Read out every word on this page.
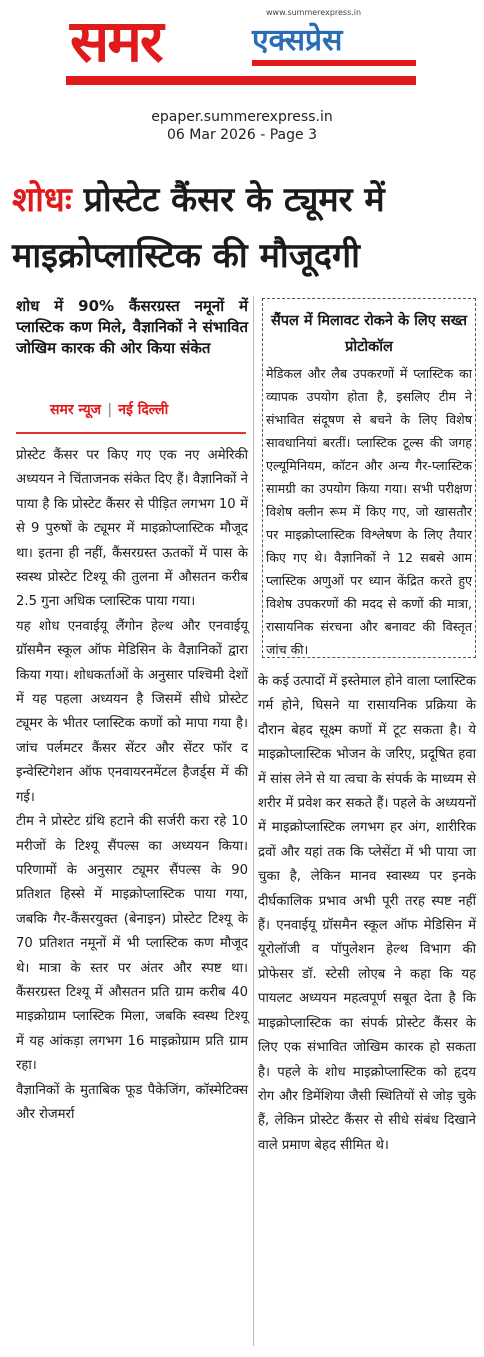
समर	www.summerexpress.in
एक्सप्रेस
epaper.summerexpress.in
06 Mar 2026 - Page 3
शोधः प्रोस्टेट कैंसर के ट्यूमर में माइक्रोप्लास्टिक की मौजूदगी
शोध में 90% कैंसरग्रस्त नमूनों में प्लास्टिक कण मिले, वैज्ञानिकों ने संभावित जोखिम कारक की ओर किया संकेत
समर न्यूज | नई दिल्ली

प्रोस्टेट कैंसर पर किए गए एक नए अमेरिकी अध्ययन ने चिंताजनक संकेत दिए हैं। वैज्ञानिकों ने पाया है कि प्रोस्टेट कैंसर से पीड़ित लगभग 10 में से 9 पुरुषों के ट्यूमर में माइक्रोप्लास्टिक मौजूद था। इतना ही नहीं, कैंसरग्रस्त ऊतकों में पास के स्वस्थ प्रोस्टेट टिश्यू की तुलना में औसतन करीब 2.5 गुना अधिक प्लास्टिक पाया गया।

यह शोध एनवाईयू लैंगोन हेल्थ और एनवाईयू ग्रॉसमैन स्कूल ऑफ मेडिसिन के वैज्ञानिकों द्वारा किया गया। शोधकर्ताओं के अनुसार पश्चिमी देशों में यह पहला अध्ययन है जिसमें सीधे प्रोस्टेट ट्यूमर के भीतर प्लास्टिक कणों को मापा गया है। जांच पर्लमटर कैंसर सेंटर और सेंटर फॉर द इन्वेस्टिगेशन ऑफ एनवायरनमेंटल हैजर्ड्स में की गई।

टीम ने प्रोस्टेट ग्रंथि हटाने की सर्जरी करा रहे 10 मरीजों के टिश्यू सैंपल्स का अध्ययन किया। परिणामों के अनुसार ट्यूमर सैंपल्स के 90 प्रतिशत हिस्से में माइक्रोप्लास्टिक पाया गया, जबकि गैर-कैंसरयुक्त (बेनाइन) प्रोस्टेट टिश्यू के 70 प्रतिशत नमूनों में भी प्लास्टिक कण मौजूद थे। मात्रा के स्तर पर अंतर और स्पष्ट था। कैंसरग्रस्त टिश्यू में औसतन प्रति ग्राम करीब 40 माइक्रोग्राम प्लास्टिक मिला, जबकि स्वस्थ टिश्यू में यह आंकड़ा लगभग 16 माइक्रोग्राम प्रति ग्राम रहा।

वैज्ञानिकों के मुताबिक फूड पैकेजिंग, कॉस्मेटिक्स और रोजमर्रा

सैंपल में मिलावट रोकने के लिए सख्त प्रोटोकॉल
मेडिकल और लैब उपकरणों में प्लास्टिक का व्यापक उपयोग होता है, इसलिए टीम ने संभावित संदूषण से बचने के लिए विशेष सावधानियां बरतीं। प्लास्टिक टूल्स की जगह एल्यूमिनियम, कॉटन और अन्य गैर-प्लास्टिक सामग्री का उपयोग किया गया। सभी परीक्षण विशेष क्लीन रूम में किए गए, जो खासतौर पर माइक्रोप्लास्टिक विश्लेषण के लिए तैयार किए गए थे। वैज्ञानिकों ने 12 सबसे आम प्लास्टिक अणुओं पर ध्यान केंद्रित करते हुए विशेष उपकरणों की मदद से कणों की मात्रा, रासायनिक संरचना और बनावट की विस्तृत जांच की।

के कई उत्पादों में इस्तेमाल होने वाला प्लास्टिक गर्म होने, घिसने या रासायनिक प्रक्रिया के दौरान बेहद सूक्ष्म कणों में टूट सकता है। ये माइक्रोप्लास्टिक भोजन के जरिए, प्रदूषित हवा में सांस लेने से या त्वचा के संपर्क के माध्यम से शरीर में प्रवेश कर सकते हैं। पहले के अध्ययनों में माइक्रोप्लास्टिक लगभग हर अंग, शारीरिक द्रवों और यहां तक कि प्लेसेंटा में भी पाया जा चुका है, लेकिन मानव स्वास्थ्य पर इनके दीर्घकालिक प्रभाव अभी पूरी तरह स्पष्ट नहीं हैं। एनवाईयू ग्रॉसमैन स्कूल ऑफ मेडिसिन में यूरोलॉजी व पॉपुलेशन हेल्थ विभाग की प्रोफेसर डॉ. स्टेसी लोएब ने कहा कि यह पायलट अध्ययन महत्वपूर्ण सबूत देता है कि माइक्रोप्लास्टिक का संपर्क प्रोस्टेट कैंसर के लिए एक संभावित जोखिम कारक हो सकता है। पहले के शोध माइक्रोप्लास्टिक को हृदय रोग और डिमेंशिया जैसी स्थितियों से जोड़ चुके हैं, लेकिन प्रोस्टेट कैंसर से सीधे संबंध दिखाने वाले प्रमाण बेहद सीमित थे।
